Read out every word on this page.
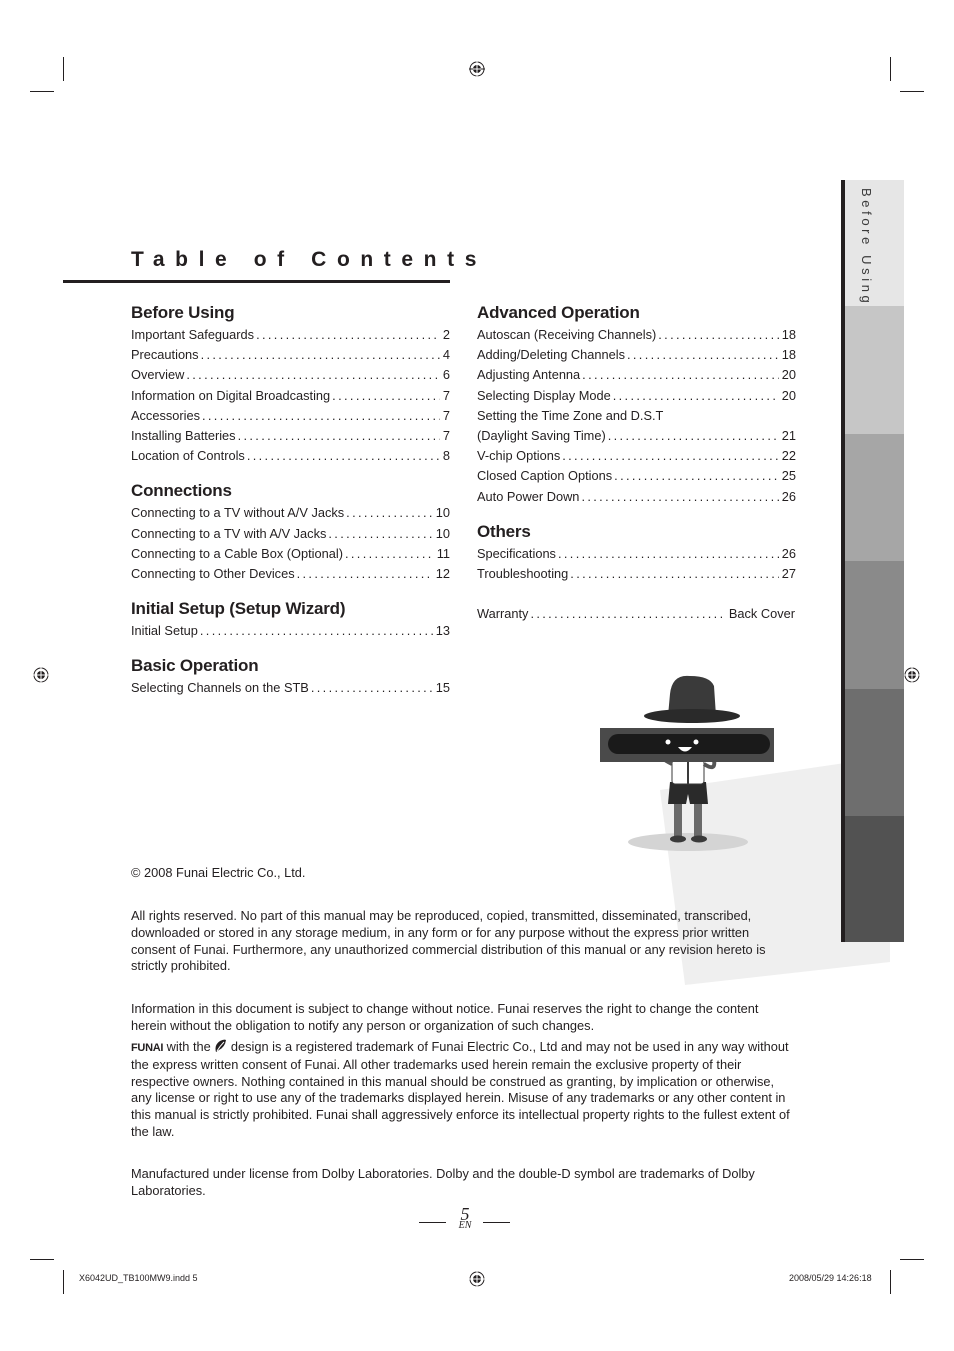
Before Using
Table of Contents
Before Using
Important Safeguards . . .	2
Precautions . . .	4
Overview . . .	6
Information on Digital Broadcasting . . .	7
Accessories . . .	7
Installing Batteries . . .	7
Location of Controls . . .	8
Connections
Connecting to a TV without A/V Jacks . . .	10
Connecting to a TV with A/V Jacks . . .	10
Connecting to a Cable Box (Optional) . . .	11
Connecting to Other Devices . . .	12
Initial Setup (Setup Wizard)
Initial Setup . . .	13
Basic Operation
Selecting Channels on the STB . . .	15
Advanced Operation
Autoscan (Receiving Channels) . . .	18
Adding/Deleting Channels . . .	18
Adjusting Antenna . . .	20
Selecting Display Mode . . .	20
Setting the Time Zone and D.S.T
(Daylight Saving Time) . . .	21
V-chip Options . . .	22
Closed Caption Options . . .	25
Auto Power Down . . .	26
Others
Specifications . . .	26
Troubleshooting . . .	27
Warranty . . .	Back Cover
© 2008 Funai Electric Co., Ltd.
All rights reserved. No part of this manual may be reproduced, copied, transmitted, disseminated, transcribed, downloaded or stored in any storage medium, in any form or for any purpose without the express prior written consent of Funai. Furthermore, any unauthorized commercial distribution of this manual or any revision hereto is strictly prohibited.
Information in this document is subject to change without notice. Funai reserves the right to change the content herein without the obligation to notify any person or organization of such changes.
FUNAI with the  design is a registered trademark of Funai Electric Co., Ltd and may not be used in any way without the express written consent of Funai. All other trademarks used herein remain the exclusive property of their respective owners. Nothing contained in this manual should be construed as granting, by implication or otherwise, any license or right to use any of the trademarks displayed herein. Misuse of any trademarks or any other content in this manual is strictly prohibited. Funai shall aggressively enforce its intellectual property rights to the fullest extent of the law.
Manufactured under license from Dolby Laboratories. Dolby and the double-D symbol are trademarks of Dolby Laboratories.
5
EN
X6042UD_TB100MW9.indd 5	2008/05/29 14:26:18
